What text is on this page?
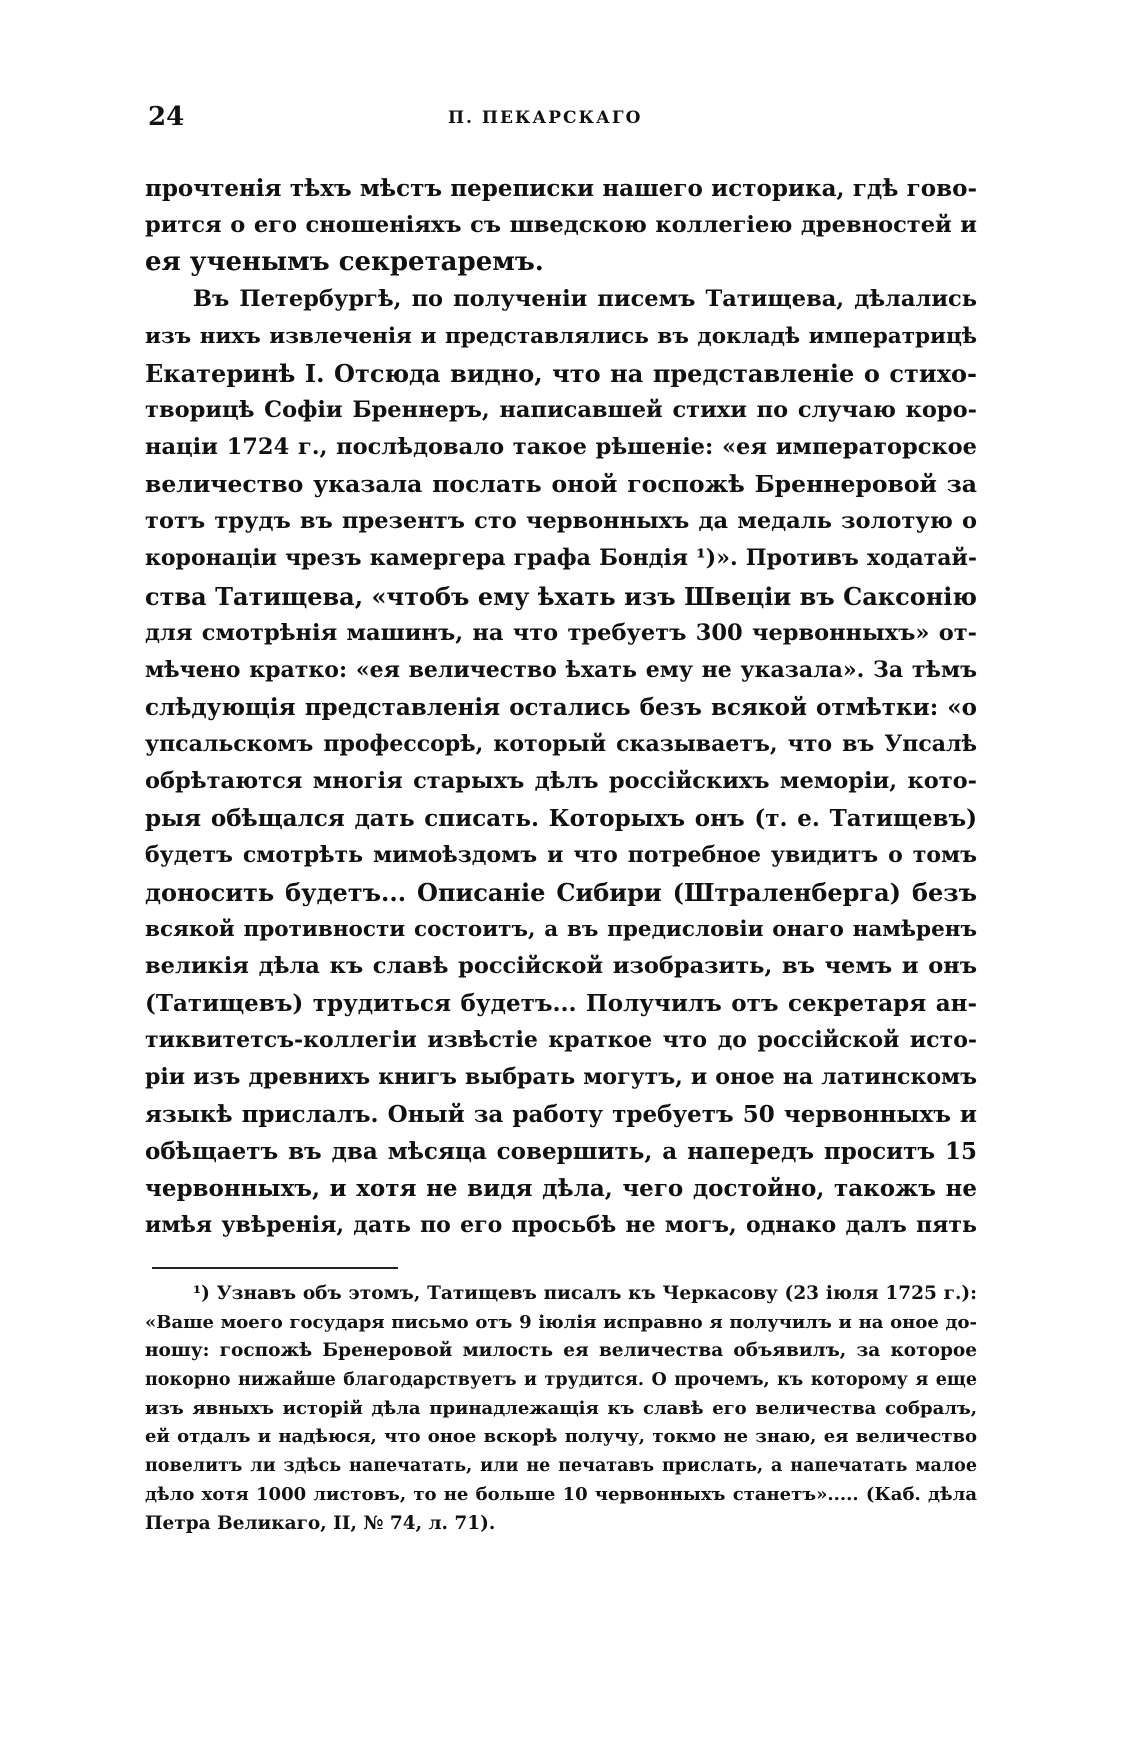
24	П. ПЕКАРСКАГО
прочтенія тѣхъ мѣстъ переписки нашего историка, гдѣ гово-
рится о его сношеніяхъ съ шведскою коллегіею древностей и
ея ученымъ секретаремъ.
Въ Петербургѣ, по полученіи писемъ Татищева, дѣлались
изъ нихъ извлеченія и представлялись въ докладѣ императрицѣ
Екатеринѣ I. Отсюда видно, что на представленіе о стихо-
творицѣ Софіи Бреннеръ, написавшей стихи по случаю коро-
націи 1724 г., послѣдовало такое рѣшеніе: «ея императорское
величество указала послать оной госпожѣ Бреннеровой за
тотъ трудъ въ презентъ сто червонныхъ да медаль золотую о
коронаціи чрезъ камергера графа Бондія ¹)». Противъ ходатай-
ства Татищева, «чтобъ ему ѣхать изъ Швеціи въ Саксонію
для смотрѣнія машинъ, на что требуетъ 300 червонныхъ» от-
мѣчено кратко: «ея величество ѣхать ему не указала». За тѣмъ
слѣдующія представленія остались безъ всякой отмѣтки: «о
упсальскомъ профессорѣ, который сказываетъ, что въ Упсалѣ
обрѣтаются многія старыхъ дѣлъ россійскихъ меморіи, кото-
рыя обѣщался дать списать. Которыхъ онъ (т. е. Татищевъ)
будетъ смотрѣть мимоѣздомъ и что потребное увидитъ о томъ
доносить будетъ... Описаніе Сибири (Штраленберга) безъ
всякой противности состоитъ, а въ предисловіи онаго намѣренъ
великія дѣла къ славѣ россійской изобразить, въ чемъ и онъ
(Татищевъ) трудиться будетъ... Получилъ отъ секретаря ан-
тиквитетсъ-коллегіи извѣстіе краткое что до россійской исто-
ріи изъ древнихъ книгъ выбрать могутъ, и оное на латинскомъ
языкѣ прислалъ. Оный за работу требуетъ 50 червонныхъ и
обѣщаетъ въ два мѣсяца совершить, а напередъ проситъ 15
червонныхъ, и хотя не видя дѣла, чего достойно, такожъ не
имѣя увѣренія, дать по его просьбѣ не могъ, однако далъ пять
¹) Узнавъ объ этомъ, Татищевъ писалъ къ Черкасову (23 іюля 1725 г.):
«Ваше моего государя письмо отъ 9 іюлія исправно я получилъ и на оное до-
ношу: госпожѣ Бренеровой милость ея величества объявилъ, за которое
покорно нижайше благодарствуетъ и трудится. О прочемъ, къ которому я еще
изъ явныхъ исторій дѣла принадлежащія къ славѣ его величества собралъ,
ей отдалъ и надѣюся, что оное вскорѣ получу, токмо не знаю, ея величество
повелитъ ли здѣсь напечатать, или не печатавъ прислать, а напечатать малое
дѣло хотя 1000 листовъ, то не больше 10 червонныхъ станетъ»..... (Каб. дѣла
Петра Великаго, II, № 74, л. 71).
